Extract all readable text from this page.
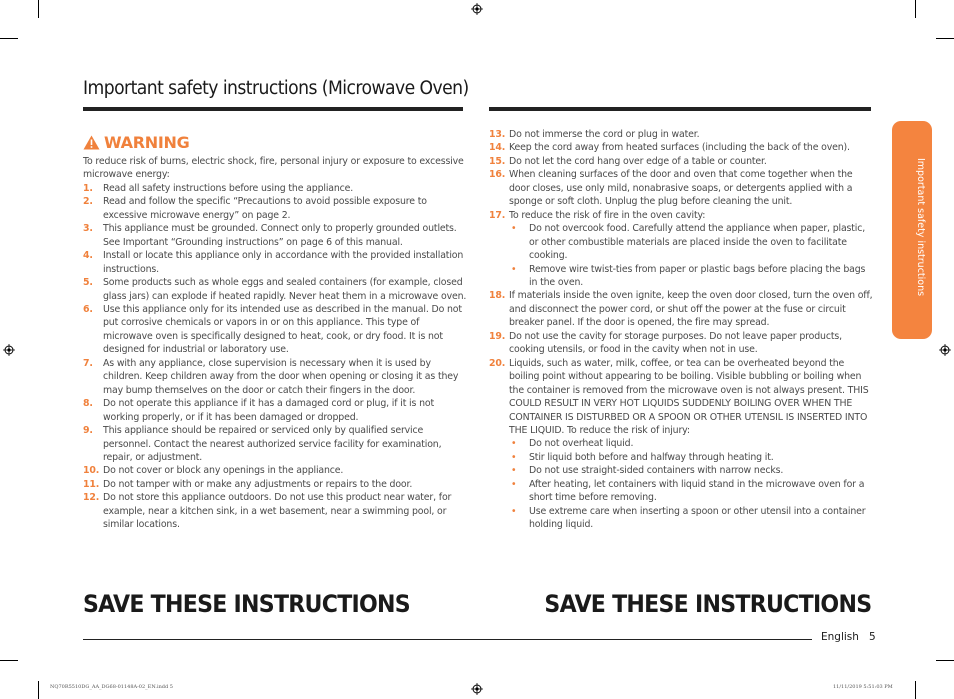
Important safety instructions (Microwave Oven)
WARNING

To reduce risk of burns, electric shock, fire, personal injury or exposure to excessive microwave energy:

1. Read all safety instructions before using the appliance.
2. Read and follow the specific “Precautions to avoid possible exposure to excessive microwave energy” on page 2.
3. This appliance must be grounded. Connect only to properly grounded outlets. See Important “Grounding instructions” on page 6 of this manual.
4. Install or locate this appliance only in accordance with the provided installation instructions.
5. Some products such as whole eggs and sealed containers (for example, closed glass jars) can explode if heated rapidly. Never heat them in a microwave oven.
6. Use this appliance only for its intended use as described in the manual. Do not put corrosive chemicals or vapors in or on this appliance. This type of microwave oven is specifically designed to heat, cook, or dry food. It is not designed for industrial or laboratory use.
7. As with any appliance, close supervision is necessary when it is used by children. Keep children away from the door when opening or closing it as they may bump themselves on the door or catch their fingers in the door.
8. Do not operate this appliance if it has a damaged cord or plug, if it is not working properly, or if it has been damaged or dropped.
9. This appliance should be repaired or serviced only by qualified service personnel. Contact the nearest authorized service facility for examination, repair, or adjustment.
10. Do not cover or block any openings in the appliance.
11. Do not tamper with or make any adjustments or repairs to the door.
12. Do not store this appliance outdoors. Do not use this product near water, for example, near a kitchen sink, in a wet basement, near a swimming pool, or similar locations.
13. Do not immerse the cord or plug in water.
14. Keep the cord away from heated surfaces (including the back of the oven).
15. Do not let the cord hang over edge of a table or counter.
16. When cleaning surfaces of the door and oven that come together when the door closes, use only mild, nonabrasive soaps, or detergents applied with a sponge or soft cloth. Unplug the plug before cleaning the unit.
17. To reduce the risk of fire in the oven cavity:
• Do not overcook food. Carefully attend the appliance when paper, plastic, or other combustible materials are placed inside the oven to facilitate cooking.
• Remove wire twist-ties from paper or plastic bags before placing the bags in the oven.
18. If materials inside the oven ignite, keep the oven door closed, turn the oven off, and disconnect the power cord, or shut off the power at the fuse or circuit breaker panel. If the door is opened, the fire may spread.
19. Do not use the cavity for storage purposes. Do not leave paper products, cooking utensils, or food in the cavity when not in use.
20. Liquids, such as water, milk, coffee, or tea can be overheated beyond the boiling point without appearing to be boiling. Visible bubbling or boiling when the container is removed from the microwave oven is not always present. THIS COULD RESULT IN VERY HOT LIQUIDS SUDDENLY BOILING OVER WHEN THE CONTAINER IS DISTURBED OR A SPOON OR OTHER UTENSIL IS INSERTED INTO THE LIQUID. To reduce the risk of injury:
• Do not overheat liquid.
• Stir liquid both before and halfway through heating it.
• Do not use straight-sided containers with narrow necks.
• After heating, let containers with liquid stand in the microwave oven for a short time before removing.
• Use extreme care when inserting a spoon or other utensil into a container holding liquid.
SAVE THESE INSTRUCTIONS	SAVE THESE INSTRUCTIONS
English 5
Important safety instructions
NQ70R5510DG_AA_DG68-01148A-02_EN.indd 5	11/11/2019 5:51:03 PM
